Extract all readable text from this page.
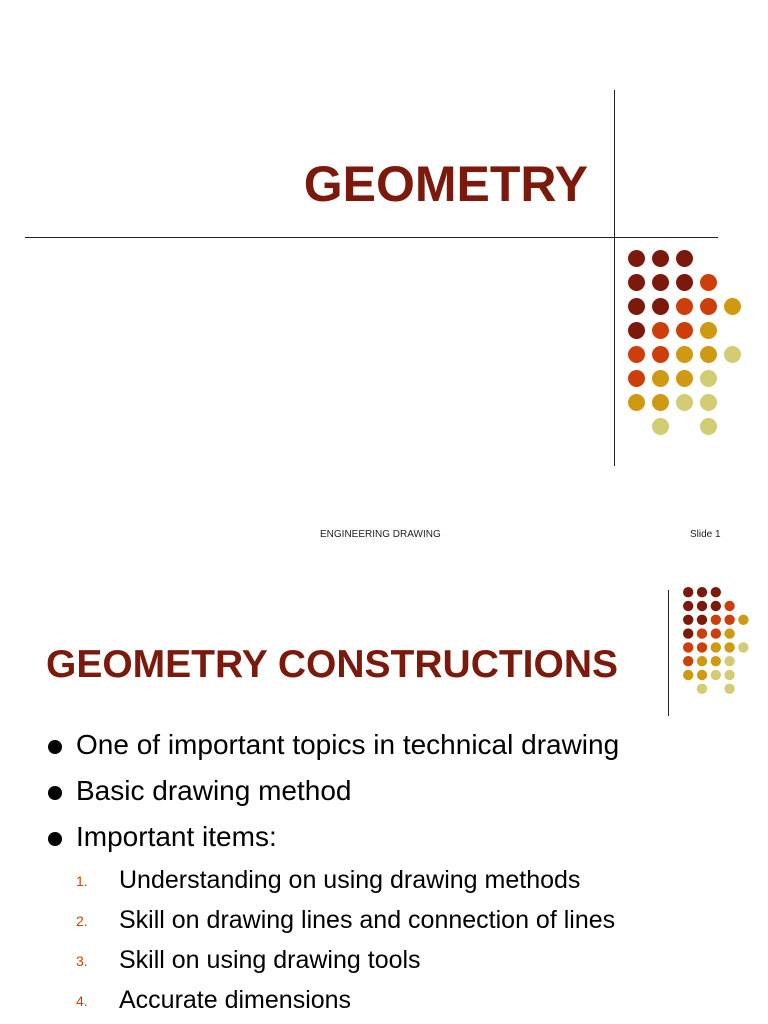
GEOMETRY
ENGINEERING DRAWING	Slide 1
GEOMETRY CONSTRUCTIONS
One of important topics in technical drawing
Basic drawing method
Important items:
1. Understanding on using drawing methods
2. Skill on drawing lines and connection of lines
3. Skill on using drawing tools
4. Accurate dimensions
